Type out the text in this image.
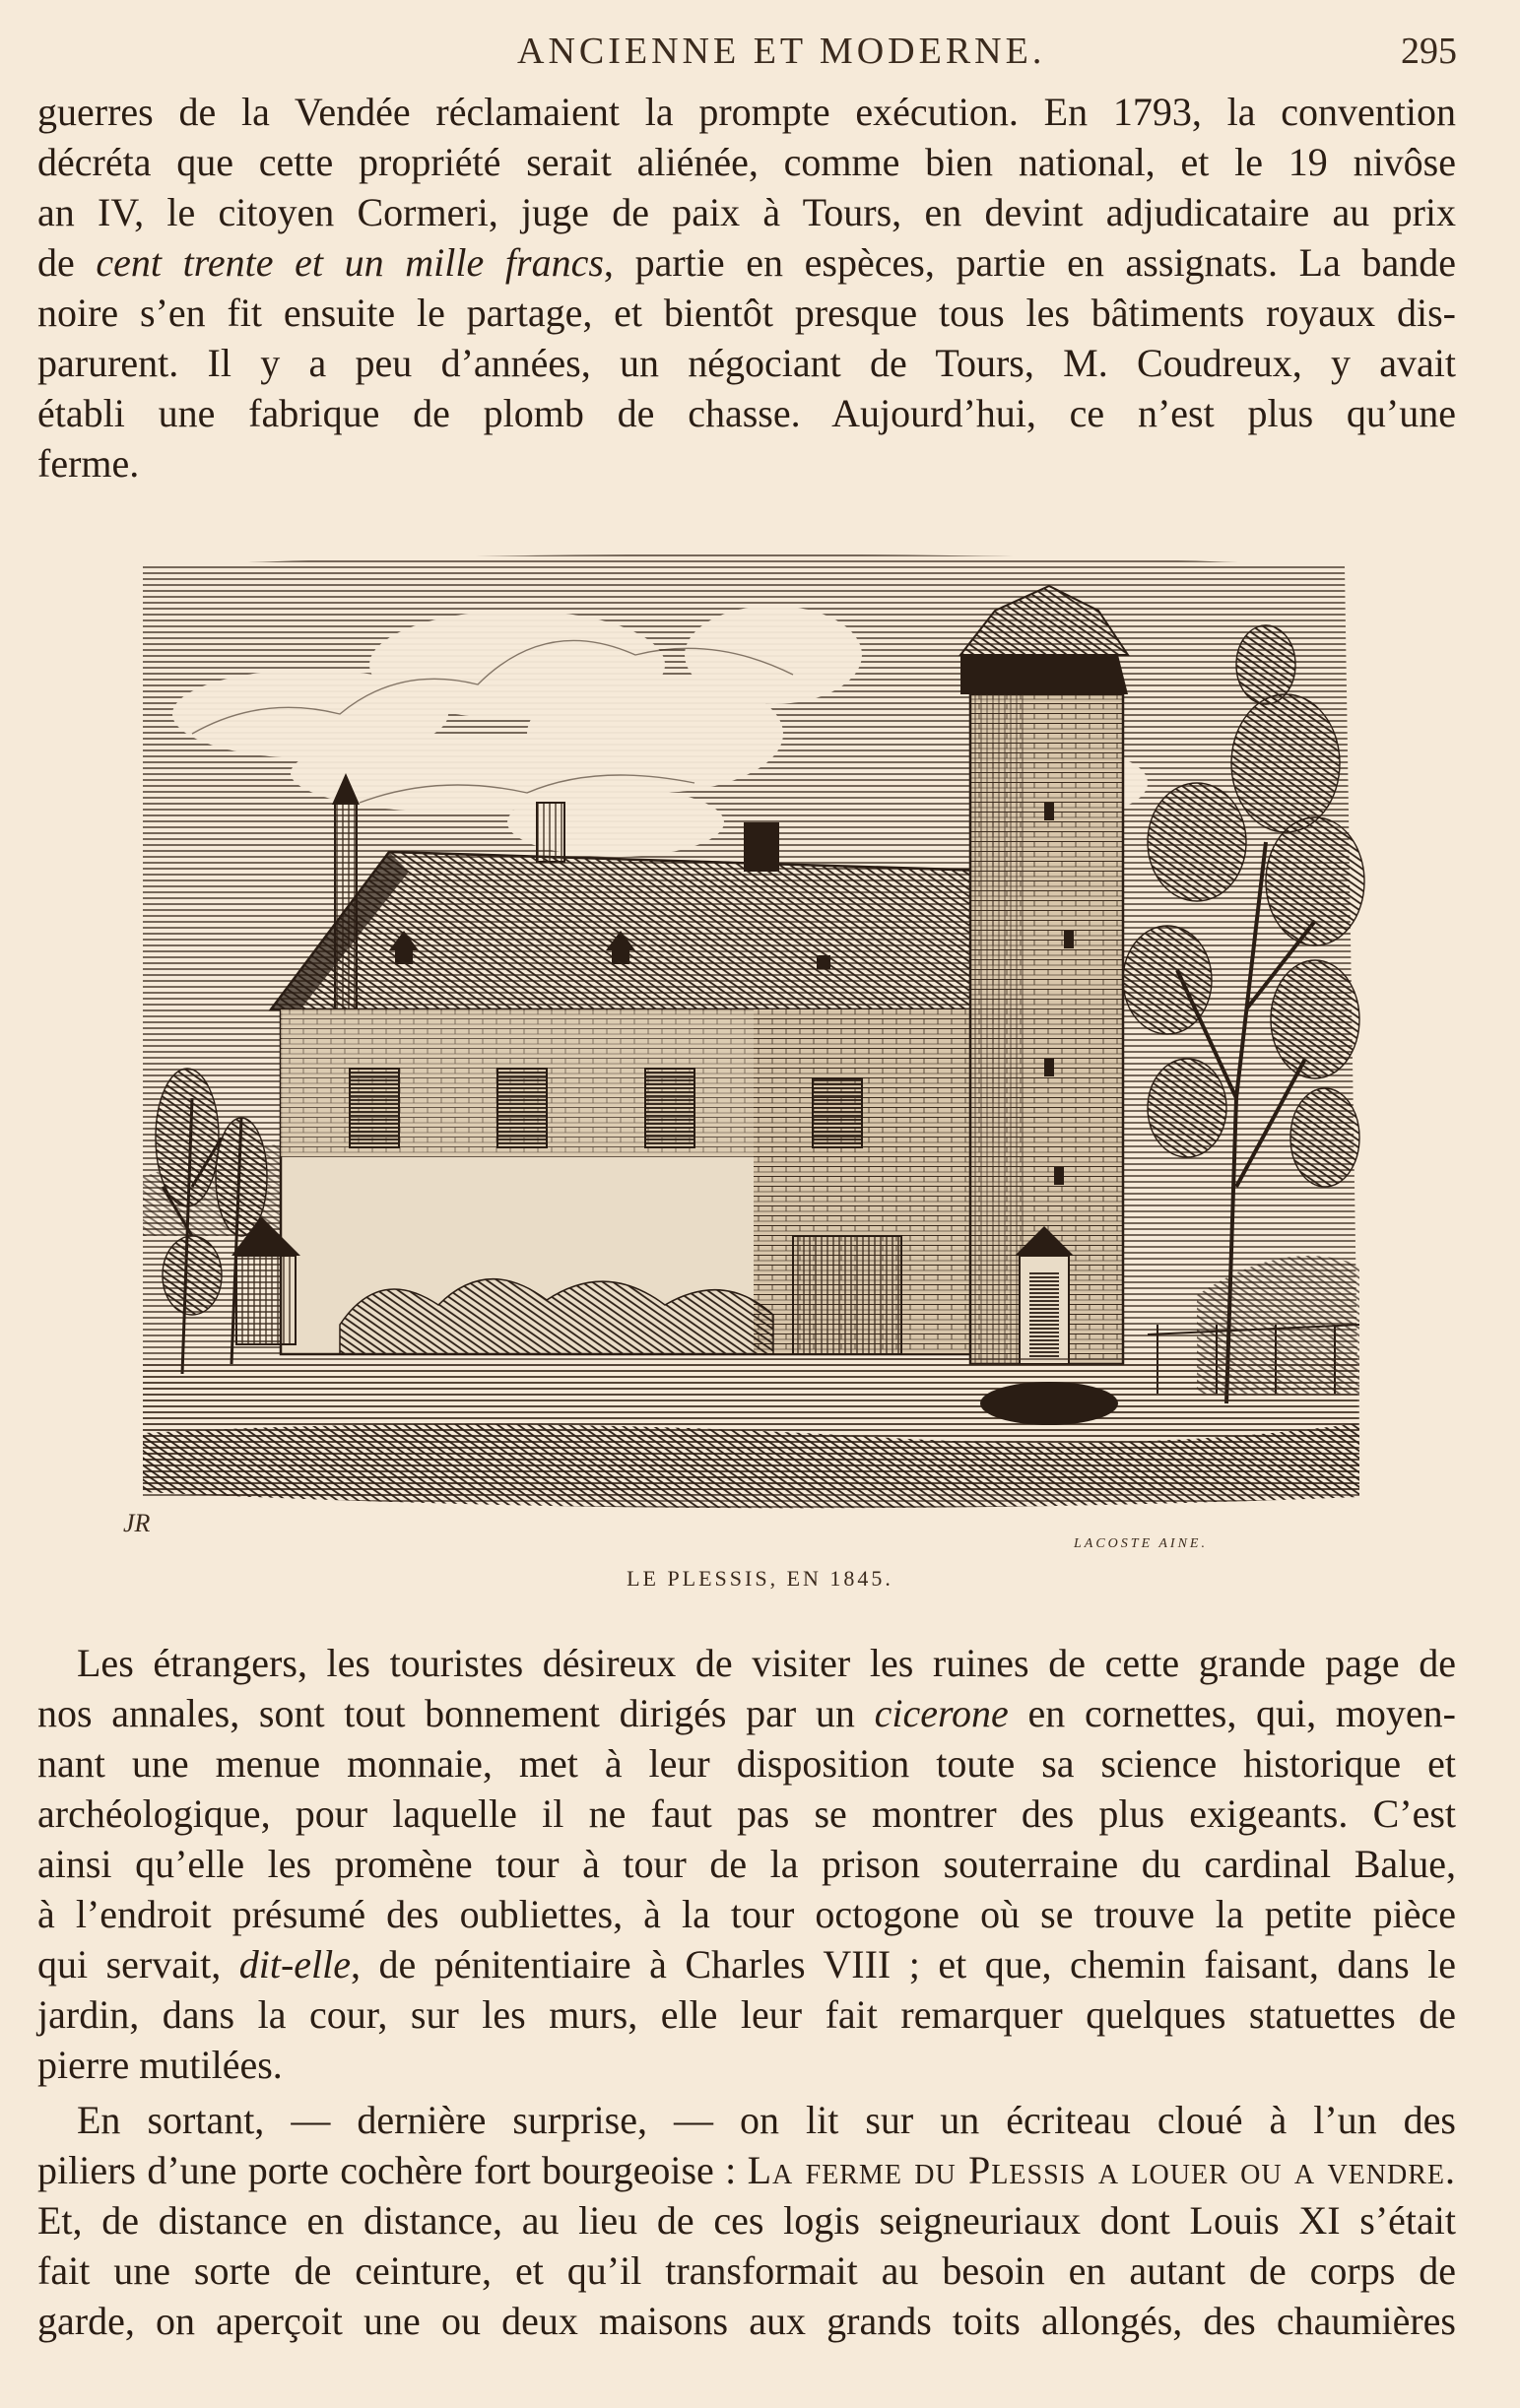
ANCIENNE ET MODERNE.	295
guerres de la Vendée réclamaient la prompte exécution. En 1793, la convention
décréta que cette propriété serait aliénée, comme bien national, et le 19 nivôse
an IV, le citoyen Cormeri, juge de paix à Tours, en devint adjudicataire au prix
de cent trente et un mille francs, partie en espèces, partie en assignats. La bande
noire s’en fit ensuite le partage, et bientôt presque tous les bâtiments royaux dis-
parurent. Il y a peu d’années, un négociant de Tours, M. Coudreux, y avait
établi une fabrique de plomb de chasse. Aujourd’hui, ce n’est plus qu’une
ferme.
JR
LACOSTE AINE.
LE PLESSIS, EN 1845.
Les étrangers, les touristes désireux de visiter les ruines de cette grande page de
nos annales, sont tout bonnement dirigés par un cicerone en cornettes, qui, moyen-
nant une menue monnaie, met à leur disposition toute sa science historique et
archéologique, pour laquelle il ne faut pas se montrer des plus exigeants. C’est
ainsi qu’elle les promène tour à tour de la prison souterraine du cardinal Balue,
à l’endroit présumé des oubliettes, à la tour octogone où se trouve la petite pièce
qui servait, dit-elle, de pénitentiaire à Charles VIII ; et que, chemin faisant, dans le
jardin, dans la cour, sur les murs, elle leur fait remarquer quelques statuettes de
pierre mutilées.
En sortant, — dernière surprise, — on lit sur un écriteau cloué à l’un des
piliers d’une porte cochère fort bourgeoise : La ferme du Plessis a louer ou a vendre.
Et, de distance en distance, au lieu de ces logis seigneuriaux dont Louis XI s’était
fait une sorte de ceinture, et qu’il transformait au besoin en autant de corps de
garde, on aperçoit une ou deux maisons aux grands toits allongés, des chaumières
